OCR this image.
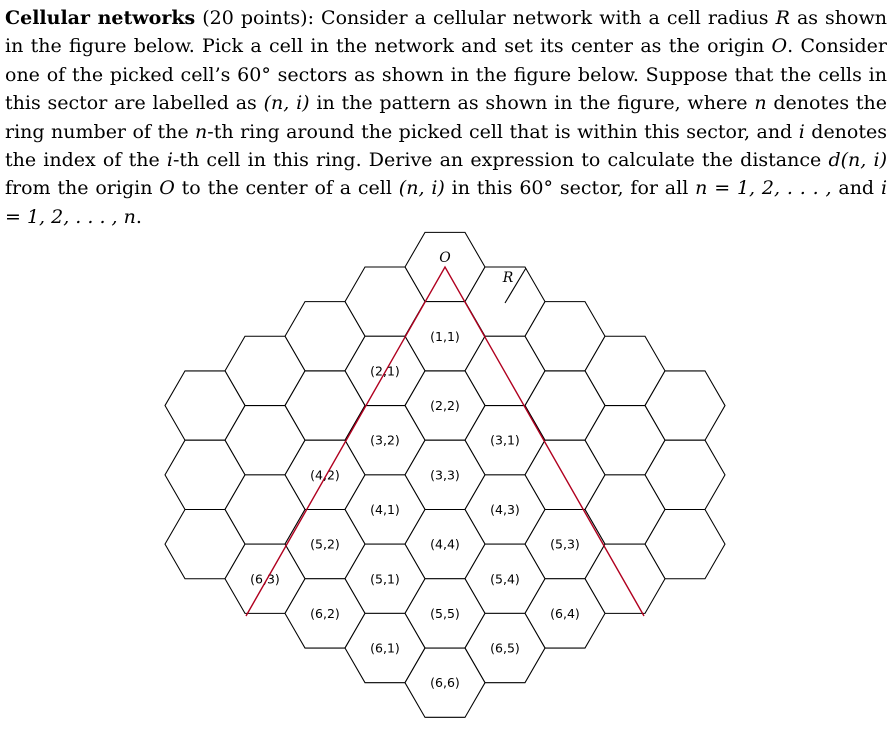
Cellular networks (20 points): Consider a cellular network with a cell radius R as shown in the figure below. Pick a cell in the network and set its center as the origin O. Consider one of the picked cell’s 60° sectors as shown in the figure below. Suppose that the cells in this sector are labelled as (n, i) in the pattern as shown in the figure, where n denotes the ring number of the n-th ring around the picked cell that is within this sector, and i denotes the index of the i-th cell in this ring. Derive an expression to calculate the distance d(n, i) from the origin O to the center of a cell (n, i) in this 60° sector, for all n = 1, 2, . . . , and i = 1, 2, . . . , n.

(1,1)
(2,1)
(2,2)
(3,1)
(3,2)
(3,3)
(4,1)
(4,2)
(4,3)
(4,4)
(5,1)
(5,2)	(5,3)
(5,4)
(5,5)
(6,1)
(6,2)
(6,3)
(6,4)
(6,5)
(6,6)
O
R
